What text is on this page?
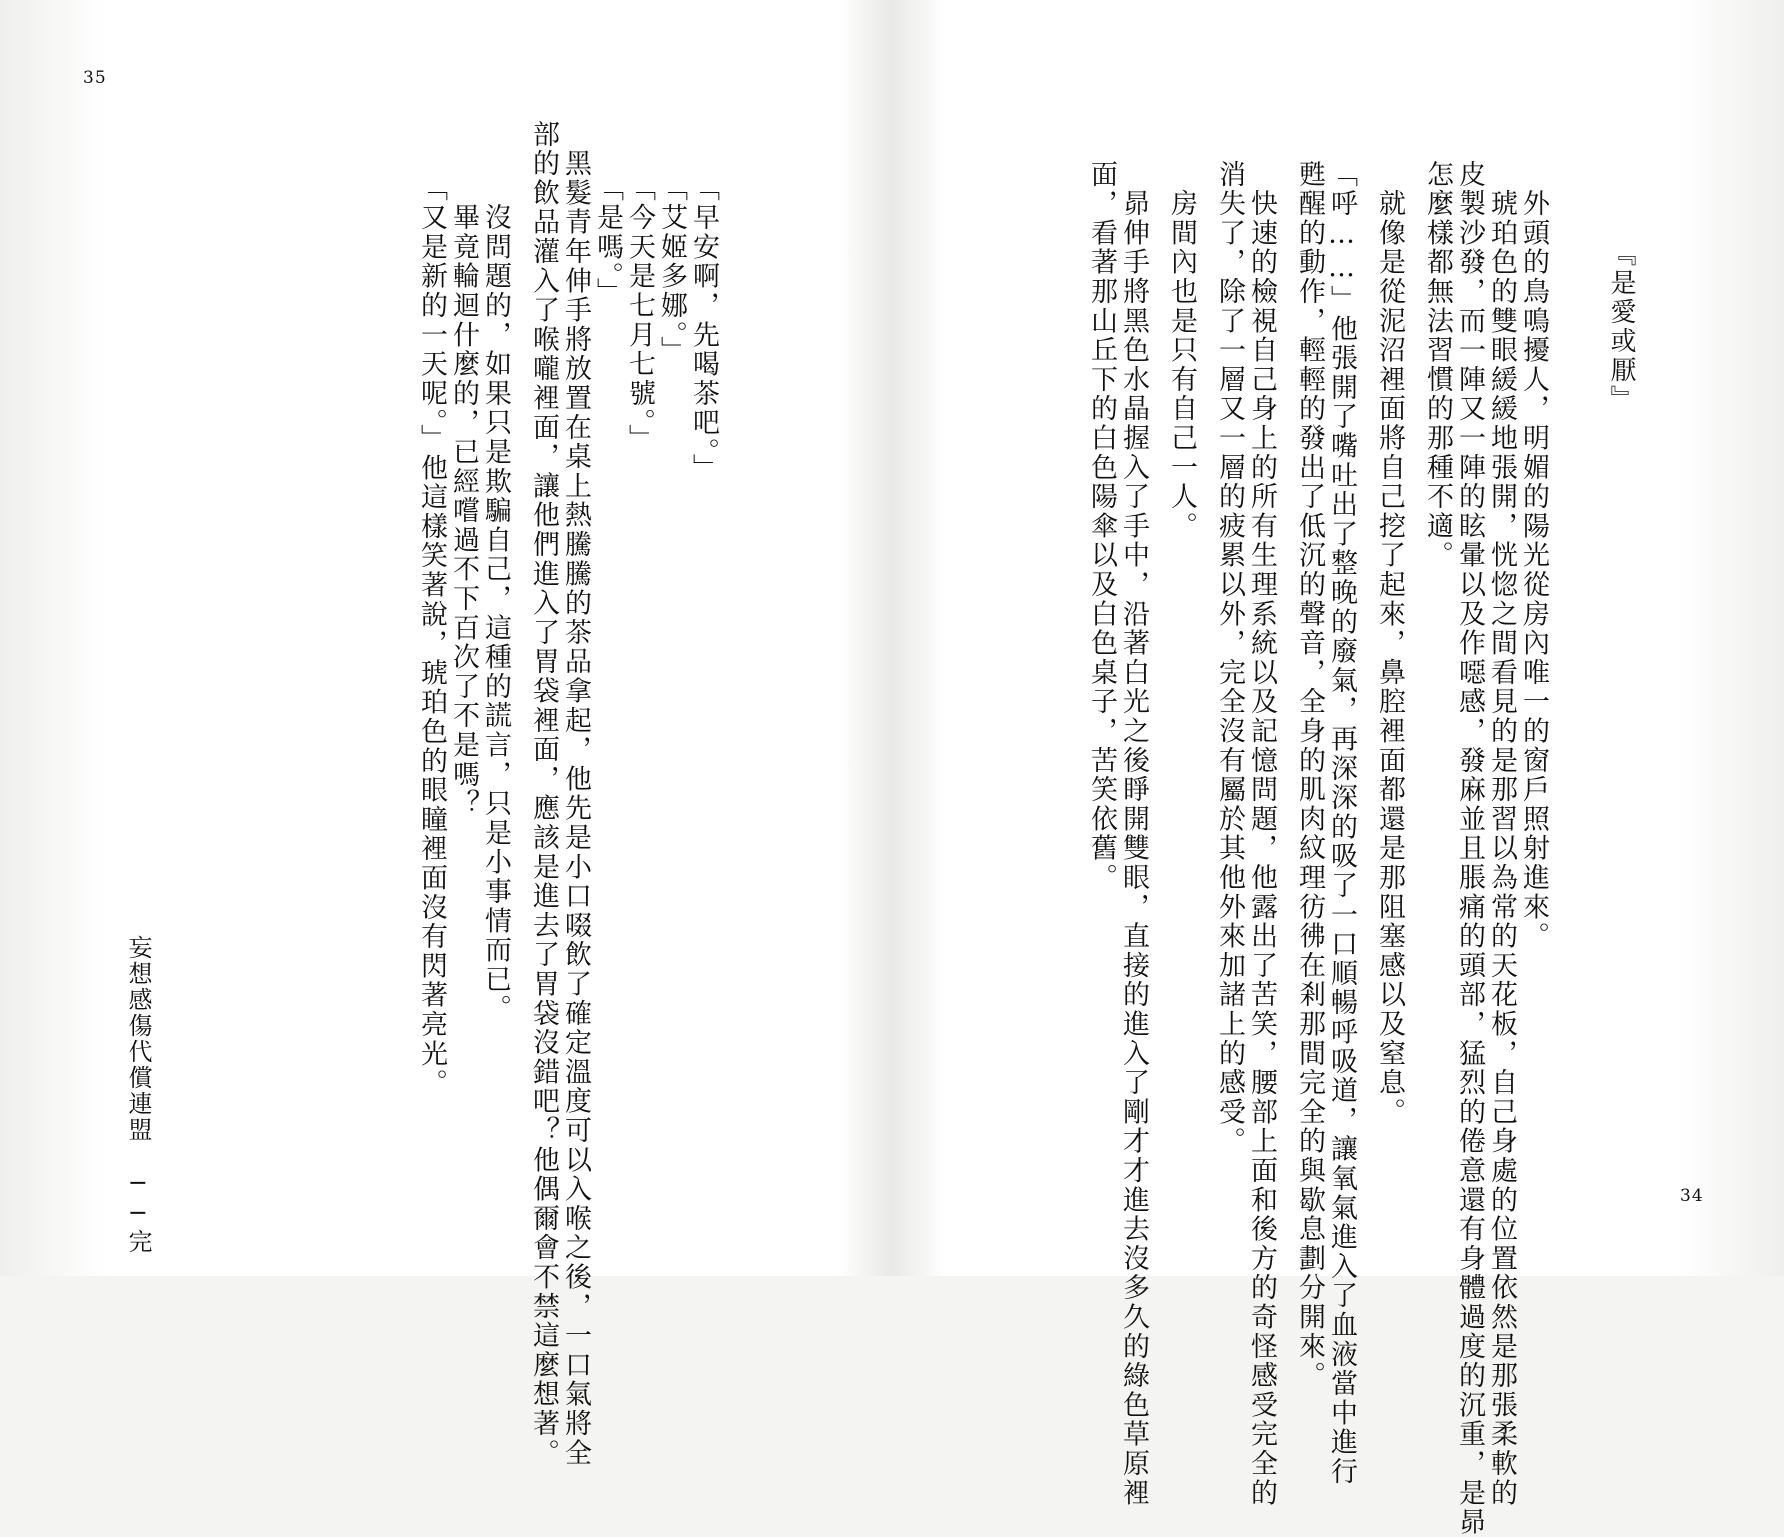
35
「早安啊，先喝茶吧。」
「艾姬多娜。」
「今天是七月七號。」
「是嗎。」
　黑髮青年伸手將放置在桌上熱騰騰的茶品拿起，他先是小口啜飲了確定溫度可以入喉之後，一口氣將全
部的飲品灌入了喉嚨裡面，讓他們進入了胃袋裡面，應該是進去了胃袋沒錯吧？他偶爾會不禁這麼想著。
　沒問題的，如果只是欺騙自己，這種的謊言，只是小事情而已。
　畢竟輪迴什麼的，已經嚐過不下百次了不是嗎？
「又是新的一天呢。」他這樣笑著說，琥珀色的眼瞳裡面沒有閃著亮光。
妄想感傷代償連盟　──完
『是愛或厭』
　外頭的鳥鳴擾人，明媚的陽光從房內唯一的窗戶照射進來。
　琥珀色的雙眼緩緩地張開，恍惚之間看見的是那習以為常的天花板，自己身處的位置依然是那張柔軟的
皮製沙發，而一陣又一陣的眩暈以及作噁感，發麻並且脹痛的頭部，猛烈的倦意還有身體過度的沉重，是昴
怎麼樣都無法習慣的那種不適。
　就像是從泥沼裡面將自己挖了起來，鼻腔裡面都還是那阻塞感以及窒息。
「呼……」他張開了嘴吐出了整晚的廢氣，再深深的吸了一口順暢呼吸道，讓氧氣進入了血液當中進行
甦醒的動作，輕輕的發出了低沉的聲音，全身的肌肉紋理彷彿在剎那間完全的與歇息劃分開來。
　快速的檢視自己身上的所有生理系統以及記憶問題，他露出了苦笑，腰部上面和後方的奇怪感受完全的
消失了，除了一層又一層的疲累以外，完全沒有屬於其他外來加諸上的感受。
　房間內也是只有自己一人。
　昴伸手將黑色水晶握入了手中，沿著白光之後睜開雙眼，直接的進入了剛才才進去沒多久的綠色草原裡
面，看著那山丘下的白色陽傘以及白色桌子，苦笑依舊。
34
